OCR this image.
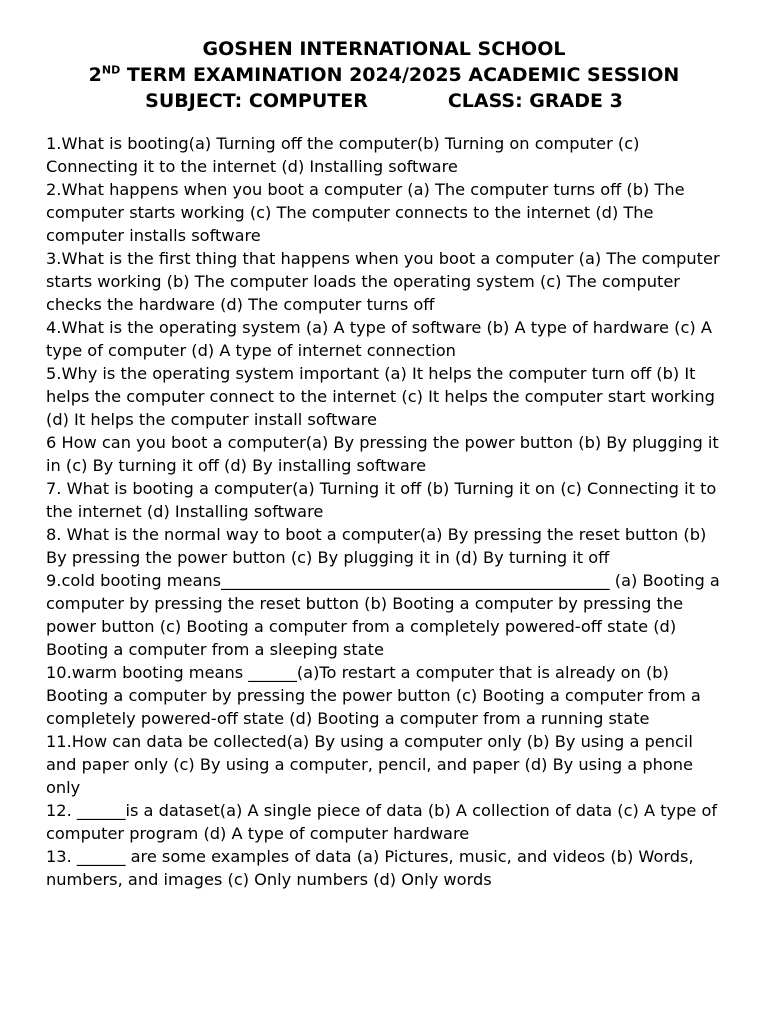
GOSHEN INTERNATIONAL SCHOOL
2ND TERM EXAMINATION 2024/2025 ACADEMIC SESSION
SUBJECT: COMPUTER	CLASS: GRADE 3
1.What is booting(a) Turning off the computer(b) Turning on computer (c) Connecting it to the internet (d) Installing software
2.What happens when you boot a computer (a) The computer turns off (b) The computer starts working (c) The computer connects to the internet (d) The computer installs software
3.What is the first thing that happens when you boot a computer (a) The computer starts working (b) The computer loads the operating system (c) The computer checks the hardware (d) The computer turns off
4.What is the operating system (a) A type of software (b) A type of hardware (c) A type of computer (d) A type of internet connection
5.Why is the operating system important (a) It helps the computer turn off (b) It helps the computer connect to the internet (c) It helps the computer start working (d) It helps the computer install software
6 How can you boot a computer(a) By pressing the power button (b) By plugging it in (c) By turning it off (d) By installing software
7. What is booting a computer(a) Turning it off (b) Turning it on (c) Connecting it to the internet (d) Installing software
8. What is the normal way to boot a computer(a) By pressing the reset button (b) By pressing the power button (c) By plugging it in (d) By turning it off
9.cold booting means________________________________________________ (a) Booting a computer by pressing the reset button (b) Booting a computer by pressing the power button (c) Booting a computer from a completely powered-off state (d) Booting a computer from a sleeping state
10.warm booting means ______(a)To restart a computer that is already on (b) Booting a computer by pressing the power button (c) Booting a computer from a completely powered-off state (d) Booting a computer from a running state
11.How can data be collected(a) By using a computer only (b) By using a pencil and paper only (c) By using a computer, pencil, and paper (d) By using a phone only
12. ______is a dataset(a) A single piece of data (b) A collection of data (c) A type of computer program (d) A type of computer hardware
13. ______ are some examples of data (a) Pictures, music, and videos (b) Words, numbers, and images (c) Only numbers (d) Only words
